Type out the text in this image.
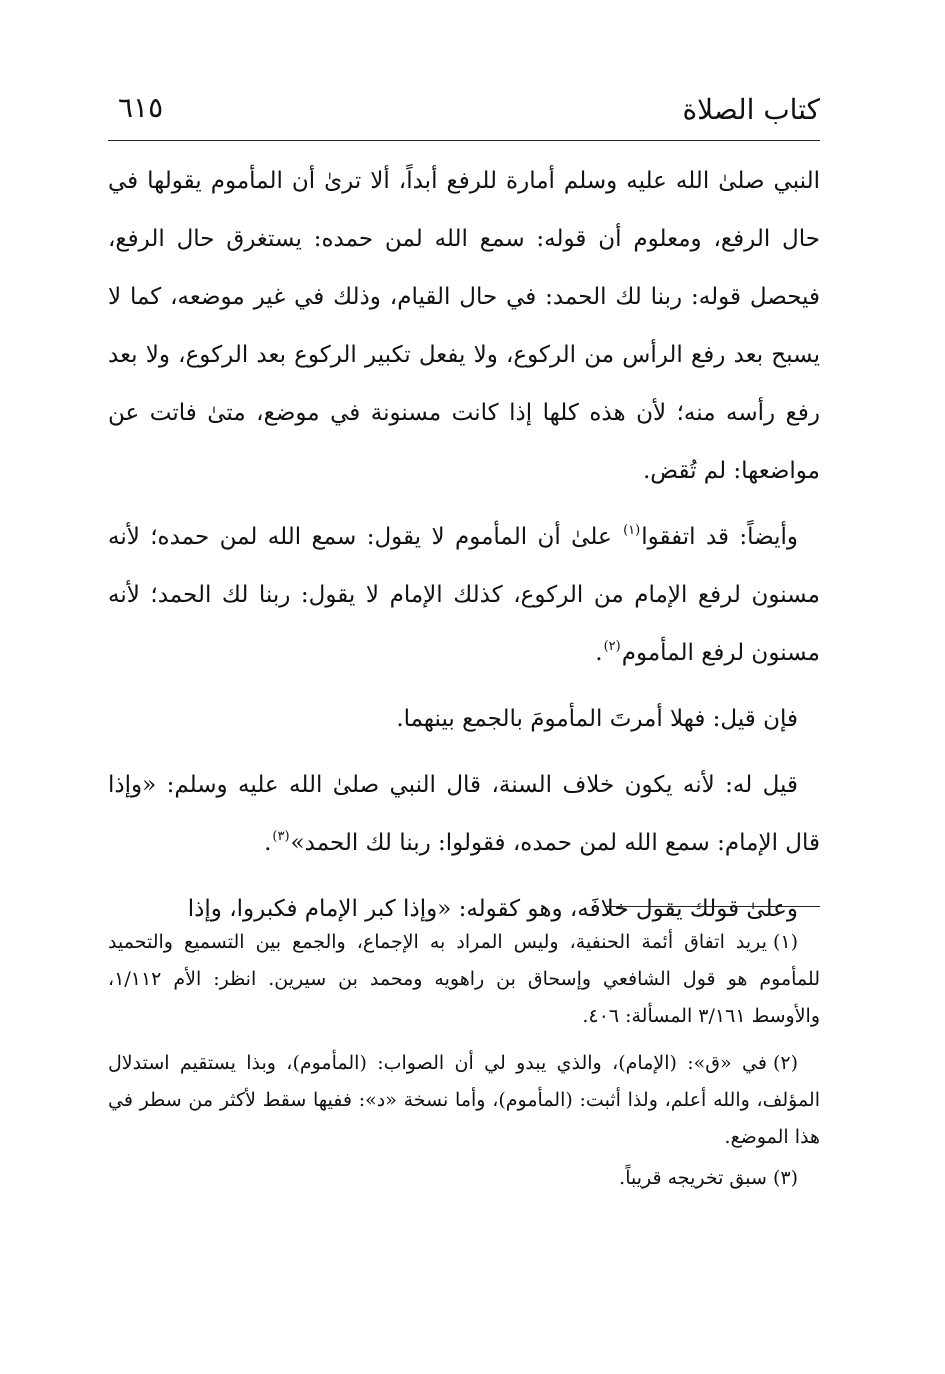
كتاب الصلاة
٦١٥

النبي صلىٰ الله عليه وسلم أمارة للرفع أبداً، ألا ترىٰ أن المأموم يقولها في حال الرفع، ومعلوم أن قوله: سمع الله لمن حمده: يستغرق حال الرفع، فيحصل قوله: ربنا لك الحمد: في حال القيام، وذلك في غير موضعه، كما لا يسبح بعد رفع الرأس من الركوع، ولا يفعل تكبير الركوع بعد الركوع، ولا بعد رفع رأسه منه؛ لأن هذه كلها إذا كانت مسنونة في موضع، متىٰ فاتت عن مواضعها: لم تُقض.

وأيضاً: قد اتفقوا$^{(١)}$ علىٰ أن المأموم لا يقول: سمع الله لمن حمده؛ لأنه مسنون لرفع الإمام من الركوع، كذلك الإمام لا يقول: ربنا لك الحمد؛ لأنه مسنون لرفع المأموم$^{(٢)}$.

فإن قيل: فهلا أمرتَ المأمومَ بالجمع بينهما.

قيل له: لأنه يكون خلاف السنة، قال النبي صلىٰ الله عليه وسلم: «وإذا قال الإمام: سمع الله لمن حمده، فقولوا: ربنا لك الحمد»$^{(٣)}$.

وعلىٰ قولك يقول خلافَه، وهو كقوله: «وإذا كبر الإمام فكبروا، وإذا

(١)يريد اتفاق أئمة الحنفية، وليس المراد به الإجماع، والجمع بين التسميع والتحميد للمأموم هو قول الشافعي وإسحاق بن راهويه ومحمد بن سيرين. انظر: الأم ١/١١٢، والأوسط ٣/١٦١ المسألة: ٤٠٦.

(٢)في «ق»: (الإمام)، والذي يبدو لي أن الصواب: (المأموم)، وبذا يستقيم استدلال المؤلف، والله أعلم، ولذا أثبت: (المأموم)، وأما نسخة «د»: ففيها سقط لأكثر من سطر في هذا الموضع.

(٣)سبق تخريجه قريباً.
